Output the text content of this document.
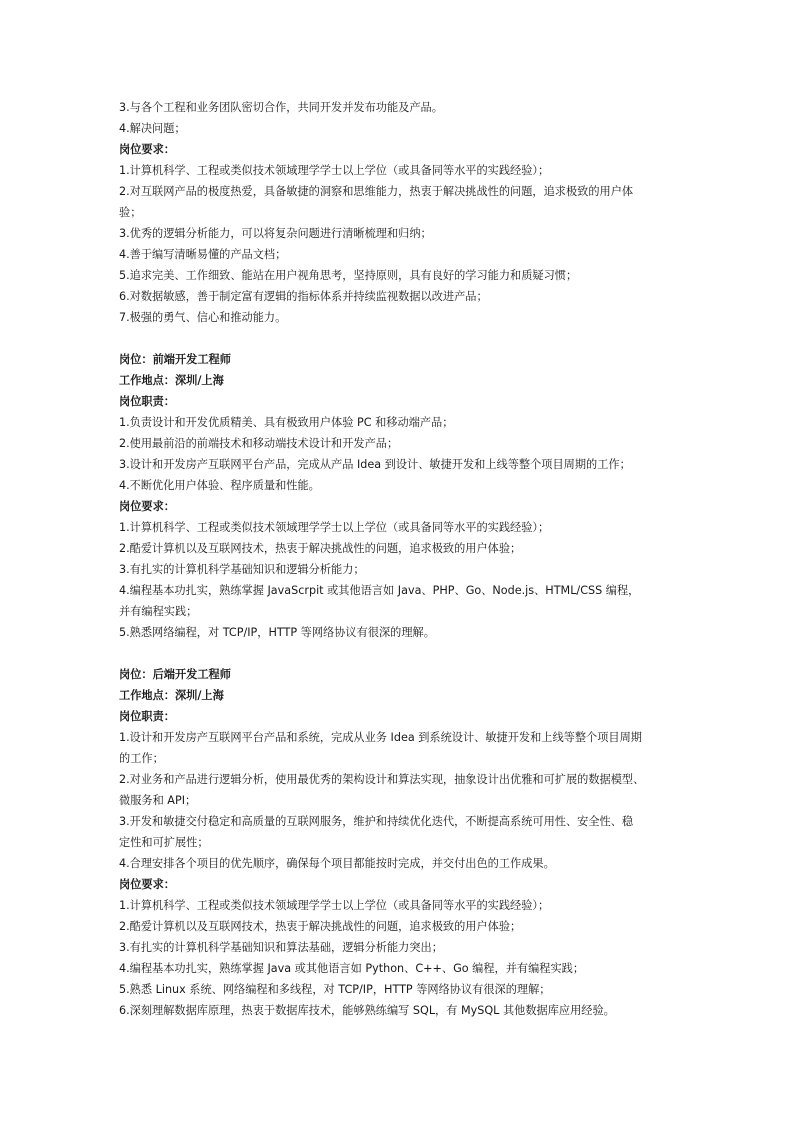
3.与各个工程和业务团队密切合作，共同开发并发布功能及产品。
4.解决问题；
岗位要求：
1.计算机科学、工程或类似技术领域理学学士以上学位（或具备同等水平的实践经验）；
2.对互联网产品的极度热爱，具备敏捷的洞察和思维能力，热衷于解决挑战性的问题，追求极致的用户体
验；
3.优秀的逻辑分析能力，可以将复杂问题进行清晰梳理和归纳；
4.善于编写清晰易懂的产品文档；
5.追求完美、工作细致、能站在用户视角思考，坚持原则，具有良好的学习能力和质疑习惯；
6.对数据敏感，善于制定富有逻辑的指标体系并持续监视数据以改进产品；
7.极强的勇气、信心和推动能力。
岗位：前端开发工程师
工作地点：深圳/上海
岗位职责：
1.负责设计和开发优质精美、具有极致用户体验 PC 和移动端产品；
2.使用最前沿的前端技术和移动端技术设计和开发产品；
3.设计和开发房产互联网平台产品，完成从产品 Idea 到设计、敏捷开发和上线等整个项目周期的工作；
4.不断优化用户体验、程序质量和性能。
岗位要求：
1.计算机科学、工程或类似技术领域理学学士以上学位（或具备同等水平的实践经验）；
2.酷爱计算机以及互联网技术，热衷于解决挑战性的问题，追求极致的用户体验；
3.有扎实的计算机科学基础知识和逻辑分析能力；
4.编程基本功扎实，熟练掌握 JavaScrpit 或其他语言如 Java、PHP、Go、Node.js、HTML/CSS 编程，
并有编程实践；
5.熟悉网络编程，对 TCP/IP，HTTP 等网络协议有很深的理解。
岗位：后端开发工程师
工作地点：深圳/上海
岗位职责：
1.设计和开发房产互联网平台产品和系统，完成从业务 Idea 到系统设计、敏捷开发和上线等整个项目周期
的工作；
2.对业务和产品进行逻辑分析，使用最优秀的架构设计和算法实现，抽象设计出优雅和可扩展的数据模型、
微服务和 API；
3.开发和敏捷交付稳定和高质量的互联网服务，维护和持续优化迭代，不断提高系统可用性、安全性、稳
定性和可扩展性；
4.合理安排各个项目的优先顺序，确保每个项目都能按时完成，并交付出色的工作成果。
岗位要求：
1.计算机科学、工程或类似技术领域理学学士以上学位（或具备同等水平的实践经验）；
2.酷爱计算机以及互联网技术，热衷于解决挑战性的问题，追求极致的用户体验；
3.有扎实的计算机科学基础知识和算法基础，逻辑分析能力突出；
4.编程基本功扎实，熟练掌握 Java 或其他语言如 Python、C++、Go 编程，并有编程实践；
5.熟悉 Linux 系统、网络编程和多线程，对 TCP/IP，HTTP 等网络协议有很深的理解；
6.深刻理解数据库原理，热衷于数据库技术，能够熟练编写 SQL，有 MySQL 其他数据库应用经验。
